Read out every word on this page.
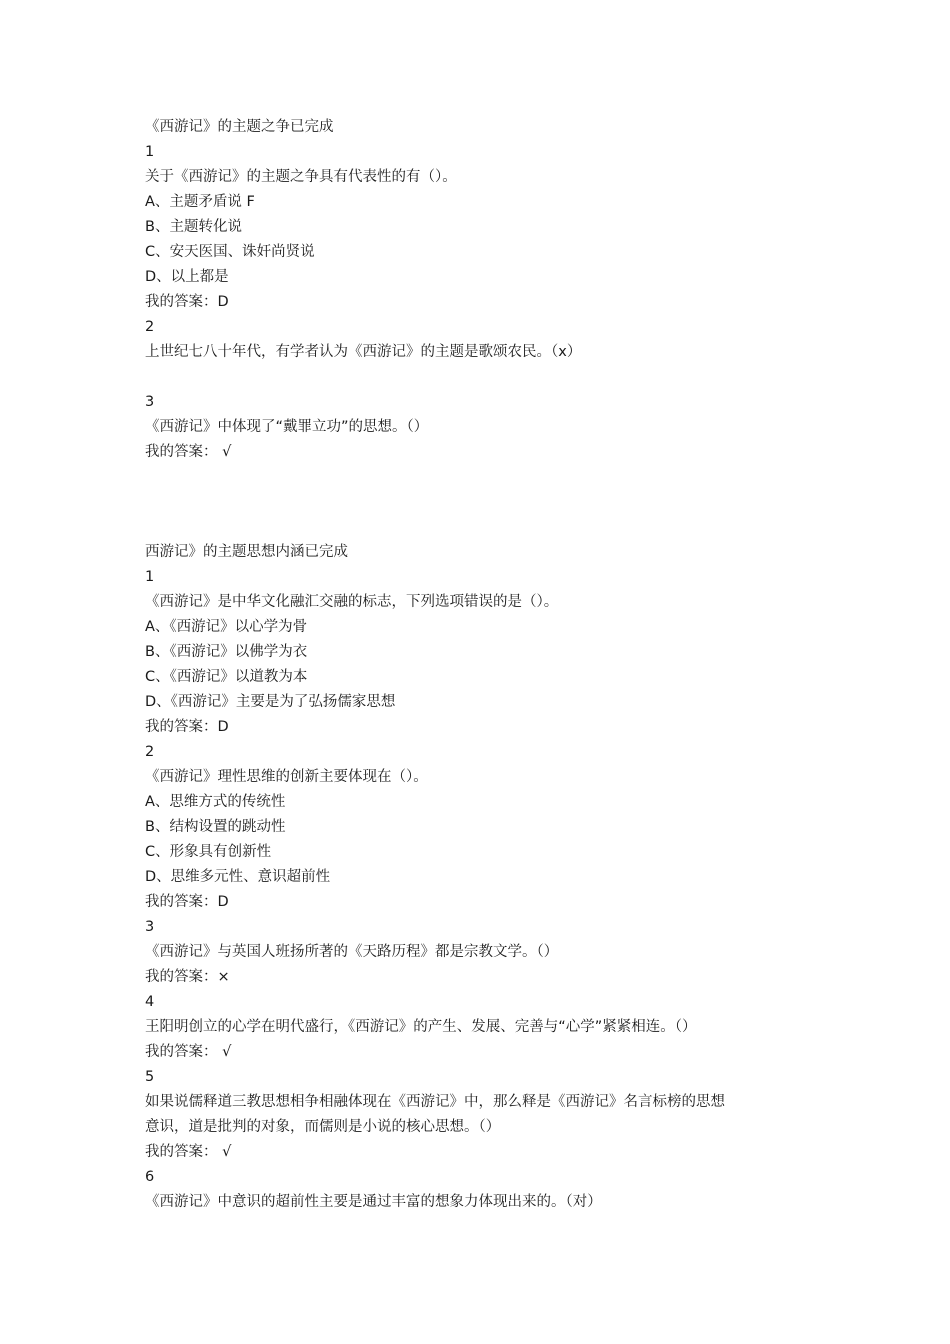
《西游记》的主题之争已完成
1
关于《西游记》的主题之争具有代表性的有（）。
A、主题矛盾说 F
B、主题转化说
C、安天医国、诛奸尚贤说
D、以上都是
我的答案：D
2
上世纪七八十年代，有学者认为《西游记》的主题是歌颂农民。（x）
3
《西游记》中体现了“戴罪立功”的思想。（）
我的答案： √
西游记》的主题思想内涵已完成
1
《西游记》是中华文化融汇交融的标志，下列选项错误的是（）。
A、《西游记》以心学为骨
B、《西游记》以佛学为衣
C、《西游记》以道教为本
D、《西游记》主要是为了弘扬儒家思想
我的答案：D
2
《西游记》理性思维的创新主要体现在（）。
A、思维方式的传统性
B、结构设置的跳动性
C、形象具有创新性
D、思维多元性、意识超前性
我的答案：D
3
《西游记》与英国人班扬所著的《天路历程》都是宗教文学。（）
我的答案：×
4
王阳明创立的心学在明代盛行，《西游记》的产生、发展、完善与“心学”紧紧相连。（）
我的答案： √
5
如果说儒释道三教思想相争相融体现在《西游记》中，那么释是《西游记》名言标榜的思想
意识，道是批判的对象，而儒则是小说的核心思想。（）
我的答案： √
6
《西游记》中意识的超前性主要是通过丰富的想象力体现出来的。（对）
